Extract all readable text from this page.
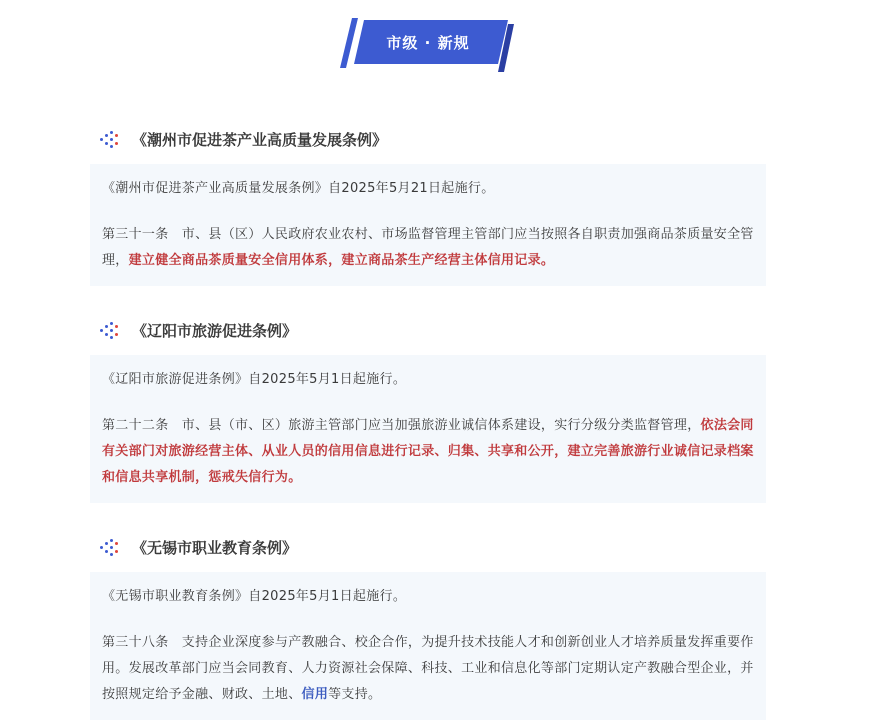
市级 · 新规
《潮州市促进茶产业高质量发展条例》

《潮州市促进茶产业高质量发展条例》自2025年5月21日起施行。

第三十一条　市、县（区）人民政府农业农村、市场监督管理主管部门应当按照各自职责加强商品茶质量安全管理，建立健全商品茶质量安全信用体系，建立商品茶生产经营主体信用记录。

《辽阳市旅游促进条例》

《辽阳市旅游促进条例》自2025年5月1日起施行。

第二十二条　市、县（市、区）旅游主管部门应当加强旅游业诚信体系建设，实行分级分类监督管理，依法会同有关部门对旅游经营主体、从业人员的信用信息进行记录、归集、共享和公开，建立完善旅游行业诚信记录档案和信息共享机制，惩戒失信行为。

《无锡市职业教育条例》

《无锡市职业教育条例》自2025年5月1日起施行。

第三十八条　支持企业深度参与产教融合、校企合作，为提升技术技能人才和创新创业人才培养质量发挥重要作用。发展改革部门应当会同教育、人力资源社会保障、科技、工业和信息化等部门定期认定产教融合型企业，并按照规定给予金融、财政、土地、信用等支持。
